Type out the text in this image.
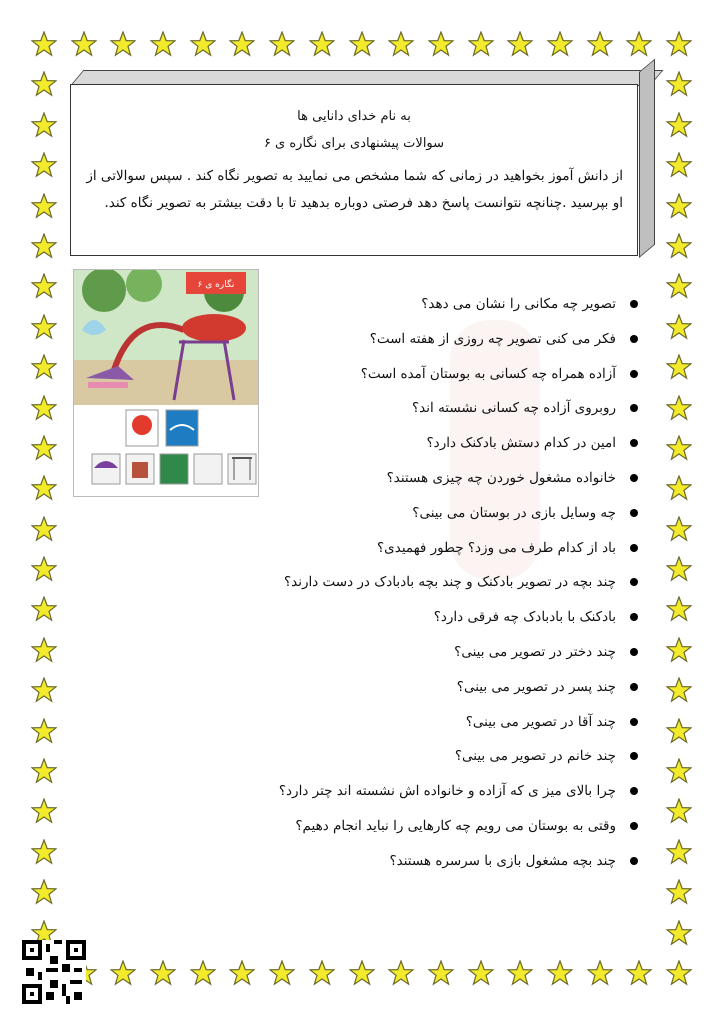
به نام خدای دانایی ها
سوالات پیشنهادی برای نگاره ی ۶
از دانش آموز بخواهید در زمانی که شما مشخص می نمایید به تصویر نگاه کند . سپس سوالاتی از او بپرسید .چنانچه نتوانست پاسخ دهد فرصتی دوباره بدهید تا با دقت بیشتر به تصویر نگاه کند.
نگاره ی ۶
تصویر چه مکانی را نشان می دهد؟
فکر می کنی تصویر چه روزی از هفته است؟
آزاده همراه چه کسانی به بوستان آمده است؟
روبروی آزاده چه کسانی نشسته اند؟
امین در کدام دستش بادکنک دارد؟
خانواده مشغول خوردن چه چیزی هستند؟
چه وسایل بازی در بوستان می بینی؟
باد از کدام طرف می وزد؟ چطور فهمیدی؟
چند بچه در تصویر بادکنک و چند بچه بادبادک در دست دارند؟
بادکنک با بادبادک چه فرقی دارد؟
چند دختر در تصویر می بینی؟
چند پسر در تصویر می بینی؟
چند آقا در تصویر می بینی؟
چند خانم در تصویر می بینی؟
چرا بالای میز ی که آزاده و خانواده اش نشسته اند چتر دارد؟
وقتی به بوستان می رویم چه کارهایی را نباید انجام دهیم؟
چند بچه مشغول بازی با سرسره هستند؟
